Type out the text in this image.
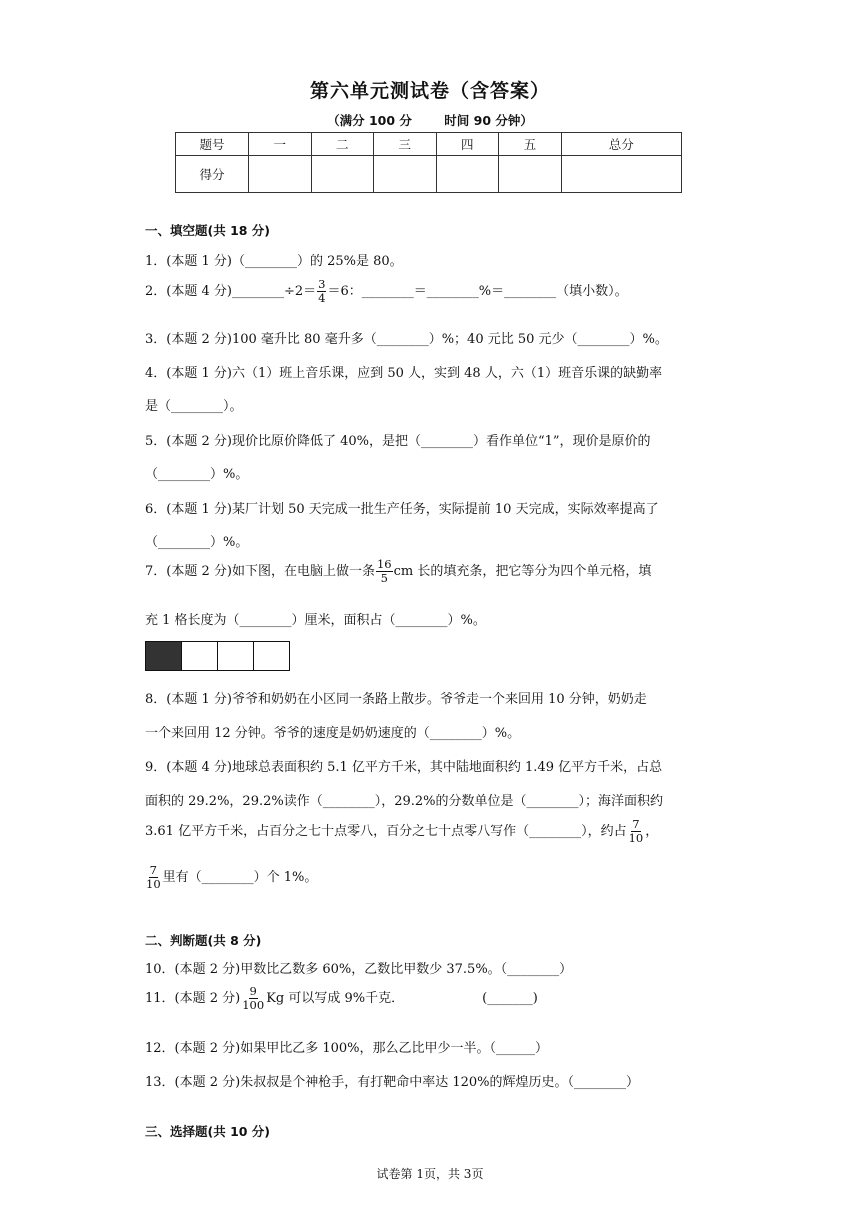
第六单元测试卷（含答案）
（满分 100 分	时间 90 分钟）
题号	一	二	三	四	五	总分
得分						
一、填空题(共 18 分)
1．(本题 1 分)（________）的 25%是 80。
2．(本题 4 分)________÷2＝ $\frac{3}{4} =6$：________＝________%＝________（填小数）。
3．(本题 2 分)100 毫升比 80 毫升多（________）%；40 元比 50 元少（________）%。
4．(本题 1 分)六（1）班上音乐课，应到 50 人，实到 48 人，六（1）班音乐课的缺勤率
是（________）。
5．(本题 2 分)现价比原价降低了 40%，是把（________）看作单位“1”，现价是原价的
（________）%。
6．(本题 1 分)某厂计划 50 天完成一批生产任务，实际提前 10 天完成，实际效率提高了
（________）%。
7．(本题 2 分)如下图，在电脑上做一条 $\frac{16}{5}$ cm 长的填充条，把它等分为四个单元格，填
充 1 格长度为（________）厘米，面积占（________）%。
8．(本题 1 分)爷爷和奶奶在小区同一条路上散步。爷爷走一个来回用 10 分钟，奶奶走
一个来回用 12 分钟。爷爷的速度是奶奶速度的（________）%。
9．(本题 4 分)地球总表面积约 5.1 亿平方千米，其中陆地面积约 1.49 亿平方千米，占总
面积的 29.2%，29.2%读作（________），29.2%的分数单位是（________）；海洋面积约
3.61 亿平方千米，占百分之七十点零八，百分之七十点零八写作（________），约占 $\frac{7}{10}$ ，
$\frac{7}{10}$ 里有（________）个 1%。
二、判断题(共 8 分)
10．(本题 2 分)甲数比乙数多 60%，乙数比甲数少 37.5%。（________）
11．(本题 2 分) $\frac{9}{100}$ Kg 可以写成 9%千克．	(_______)
12．(本题 2 分)如果甲比乙多 100%，那么乙比甲少一半。（______）
13．(本题 2 分)朱叔叔是个神枪手，有打靶命中率达 120%的辉煌历史。（________）
三、选择题(共 10 分)
试卷第 1页，共 3页
